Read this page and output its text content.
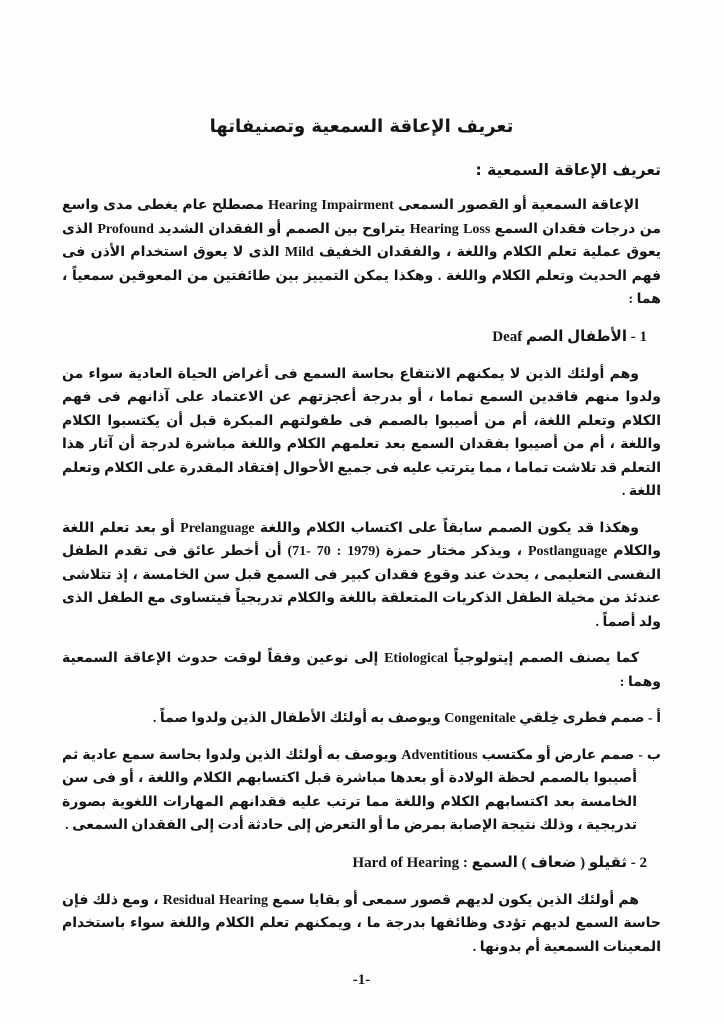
تعريف الإعاقة السمعية وتصنيفاتها
تعريف الإعاقة السمعية :

الإعاقة السمعية أو القصور السمعى Hearing Impairment مصطلح عام يغطى مدى واسع من درجات فقدان السمع Hearing Loss يتراوح بين الصمم أو الفقدان الشديد Profound الذى يعوق عملية تعلم الكلام واللغة ، والفقدان الخفيف Mild الذى لا يعوق استخدام الأذن فى فهم الحديث وتعلم الكلام واللغة . وهكذا يمكن التمييز بين طائفتين من المعوقين سمعياً ، هما :

1 - الأطفال الصم Deaf

وهم أولئك الذين لا يمكنهم الانتفاع بحاسة السمع فى أغراض الحياة العادية سواء من ولدوا منهم فاقدين السمع تماما ، أو بدرجة أعجزتهم عن الاعتماد على آذانهم فى فهم الكلام وتعلم اللغة، أم من أصيبوا بالصمم فى طفولتهم المبكرة قبل أن يكتسبوا الكلام واللغة ، أم من أصيبوا بفقدان السمع بعد تعلمهم الكلام واللغة مباشرة لدرجة أن آثار هذا التعلم قد تلاشت تماما ، مما يترتب عليه فى جميع الأحوال إفتقاد المقدرة على الكلام وتعلم اللغة .

وهكذا قد يكون الصمم سابقاً على اكتساب الكلام واللغة Prelanguage أو بعد تعلم اللغة والكلام Postlanguage ، ويذكر مختار حمزة (1979 : 70 -71) أن أخطر عائق فى تقدم الطفل النفسى التعليمى ، يحدث عند وقوع فقدان كبير فى السمع قبل سن الخامسة ، إذ تتلاشى عندئذ من مخيلة الطفل الذكريات المتعلقة باللغة والكلام تدريجياً فيتساوى مع الطفل الذى ولد أصماً .

كما يصنف الصمم إيتولوجياً Etiological إلى نوعين وفقاً لوقت حدوث الإعاقة السمعية وهما :

أ - صمم فطرى خِلقي Congenitale ويوصف به أولئك الأطفال الذين ولدوا صماً .

ب - صمم عارض أو مكتسب Adventitious ويوصف به أولئك الذين ولدوا بحاسة سمع عادية ثم أصيبوا بالصمم لحظة الولادة أو بعدها مباشرة قبل اكتسابهم الكلام واللغة ، أو فى سن الخامسة بعد اكتسابهم الكلام واللغة مما ترتب عليه فقدانهم المهارات اللغوية بصورة تدريجية ، وذلك نتيجة الإصابة بمرض ما أو التعرض إلى حادثة أدت إلى الفقدان السمعى .

2 - ثقيلو ( ضعاف ) السمع : Hard of Hearing

هم أولئك الذين يكون لديهم قصور سمعى أو بقايا سمع Residual Hearing ، ومع ذلك فإن حاسة السمع لديهم تؤدى وظائفها بدرجة ما ، ويمكنهم تعلم الكلام واللغة سواء باستخدام المعينات السمعية أم بدونها .

-1-
